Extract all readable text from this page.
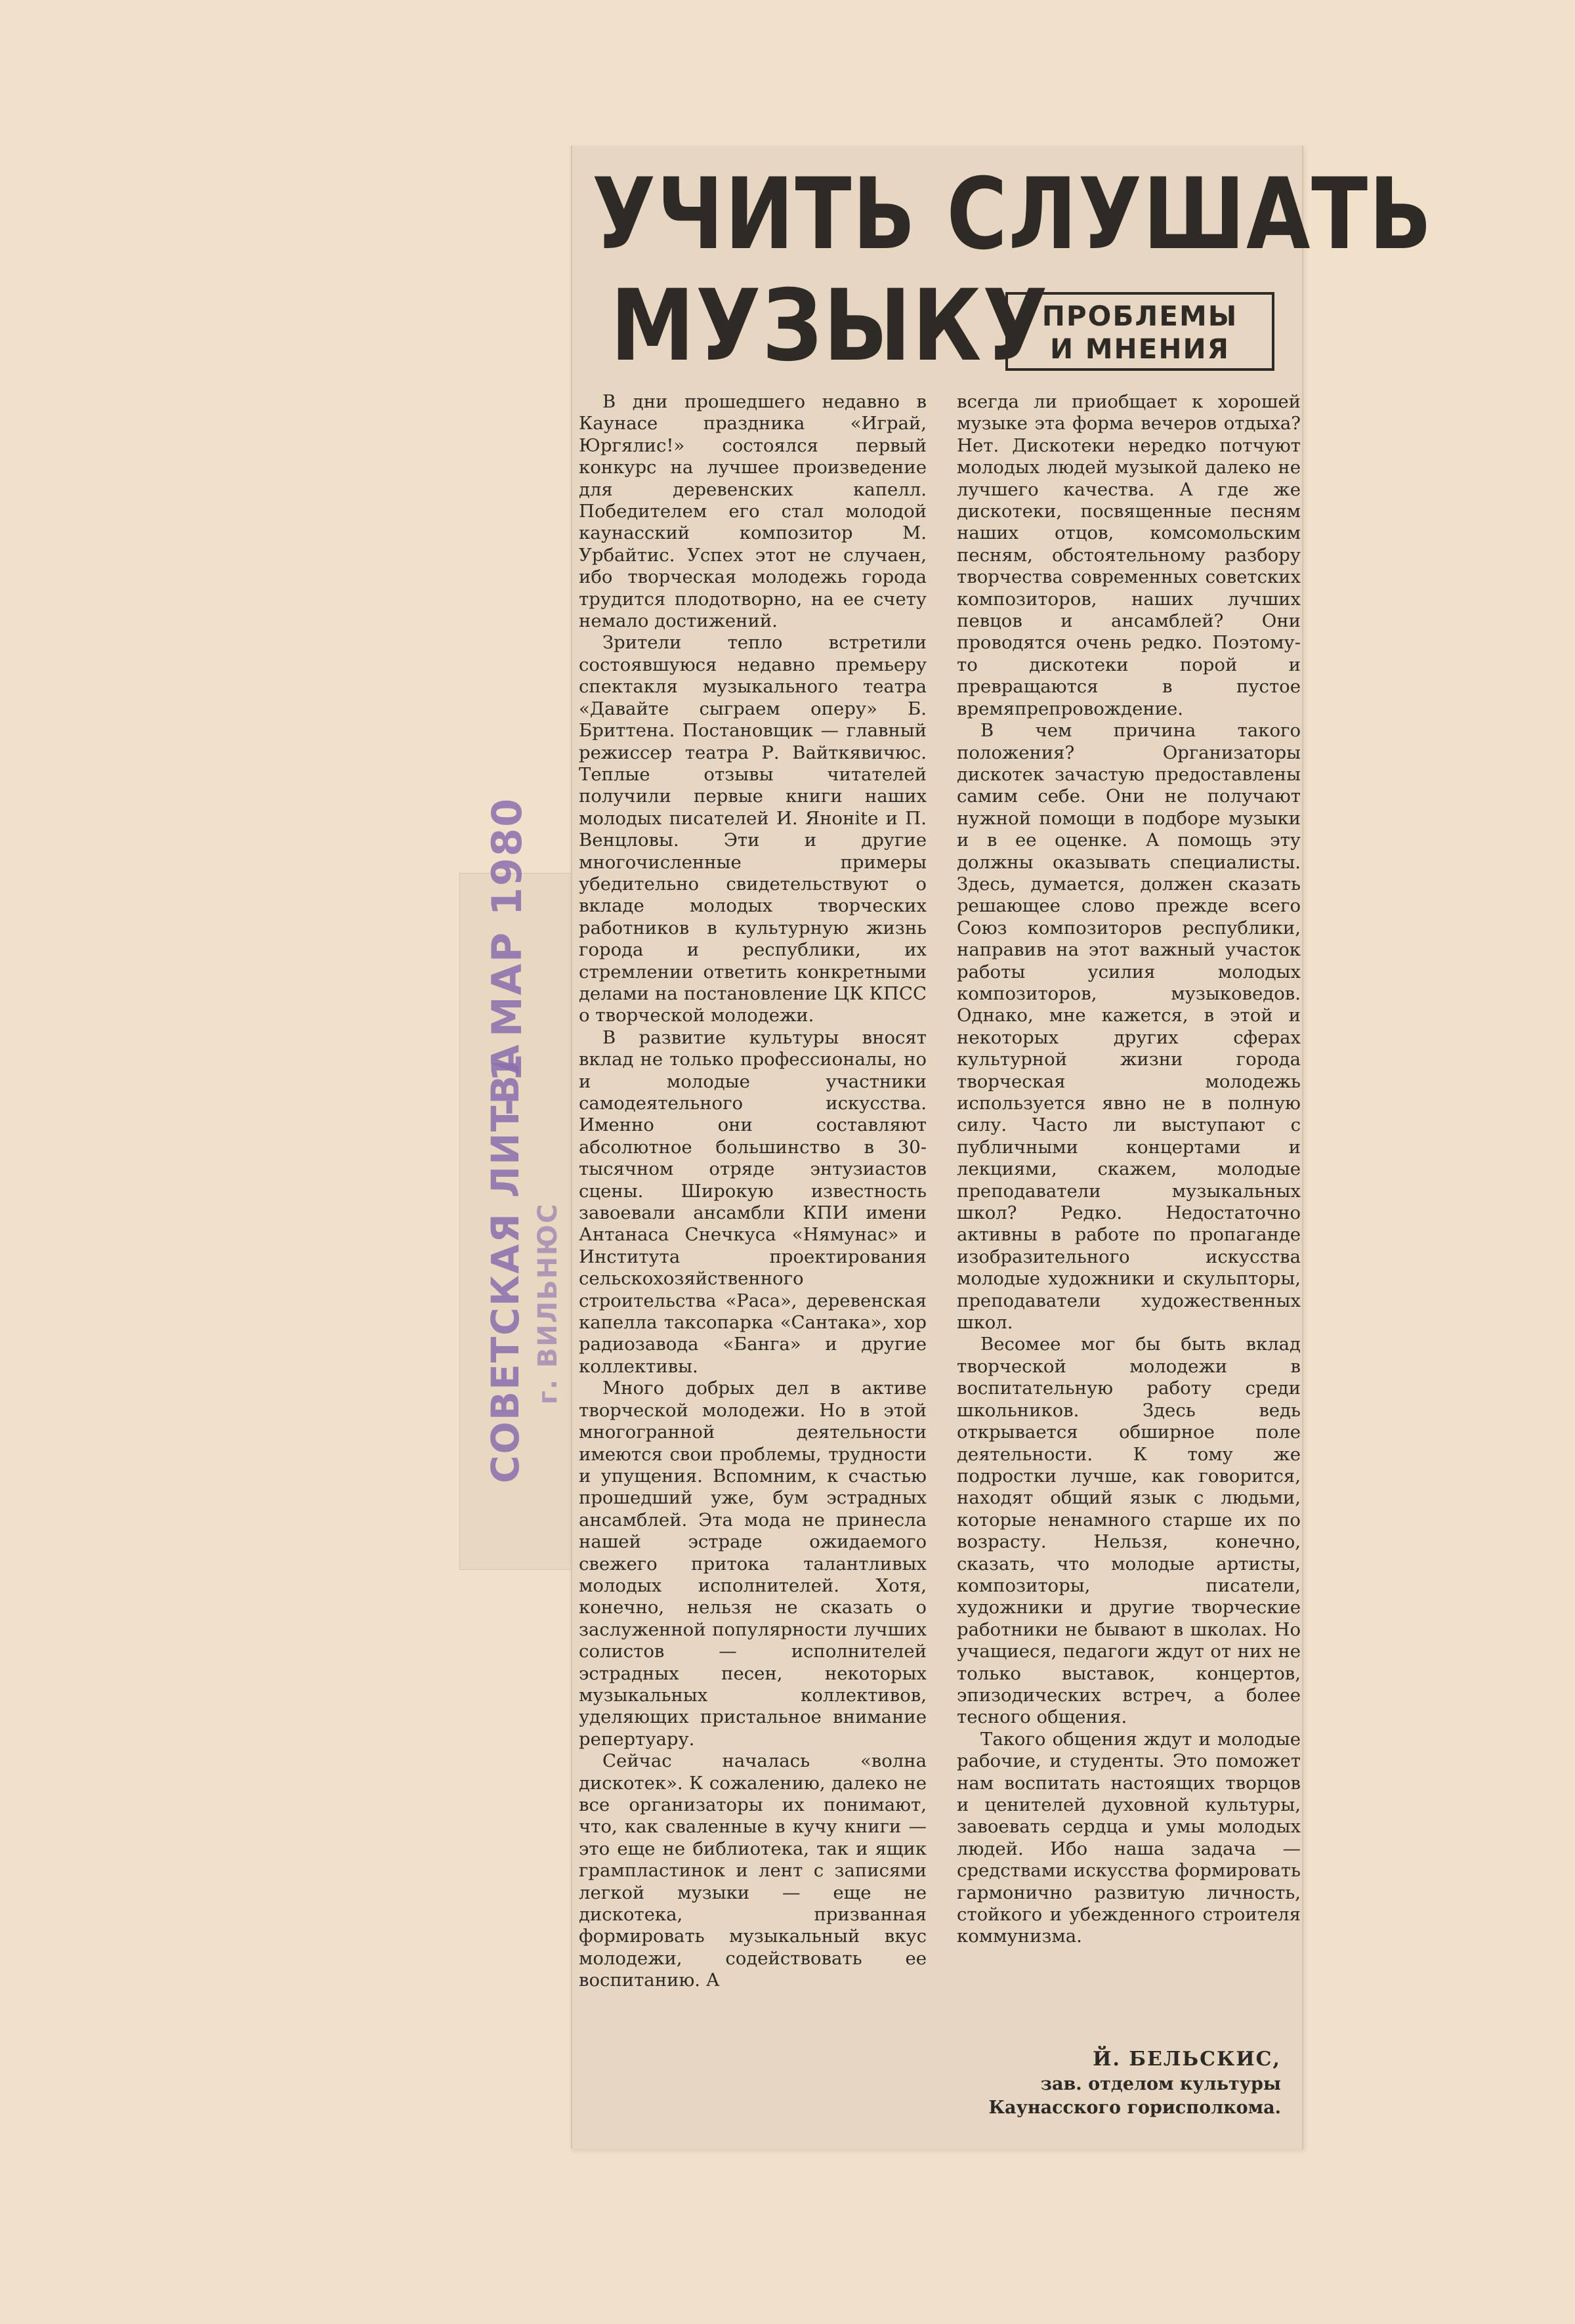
СОВЕТСКАЯ ЛИТВА г. ВИЛЬНЮС
- 1 МАР 1980
УЧИТЬ СЛУШАТЬ
МУЗЫКУ
ПРОБЛЕМЫ
И МНЕНИЯ

В дни прошедшего недавно в Каунасе праздника «Играй, Юргялис!» состоялся первый конкурс на лучшее произведение для деревенских капелл. Победителем его стал молодой каунасский композитор М. Урбайтис. Успех этот не случаен, ибо творческая молодежь города трудится плодотворно, на ее счету немало достижений.

Зрители тепло встретили состоявшуюся недавно премьеру спектакля музыкального театра «Давайте сыграем оперу» Б. Бриттена. Постановщик — главный режиссер театра Р. Вайткявичюс. Теплые отзывы читателей получили первые книги наших молодых писателей И. Янонite и П. Венцловы. Эти и другие многочисленные примеры убедительно свидетельствуют о вкладе молодых творческих работников в культурную жизнь города и республики, их стремлении ответить конкретными делами на постановление ЦК КПСС о творческой молодежи.

В развитие культуры вносят вклад не только профессионалы, но и молодые участники самодеятельного искусства. Именно они составляют абсолютное большинство в 30-тысячном отряде энтузиастов сцены. Широкую известность завоевали ансамбли КПИ имени Антанаса Снечкуса «Нямунас» и Института проектирования сельскохозяйственного строительства «Раса», деревенская капелла таксопарка «Сантака», хор радиозавода «Банга» и другие коллективы.

Много добрых дел в активе творческой молодежи. Но в этой многогранной деятельности имеются свои проблемы, трудности и упущения. Вспомним, к счастью прошедший уже, бум эстрадных ансамблей. Эта мода не принесла нашей эстраде ожидаемого свежего притока талантливых молодых исполнителей. Хотя, конечно, нельзя не сказать о заслуженной популярности лучших солистов — исполнителей эстрадных песен, некоторых музыкальных коллективов, уделяющих пристальное внимание репертуару.

Сейчас началась «волна дискотек». К сожалению, далеко не все организаторы их понимают, что, как сваленные в кучу книги — это еще не библиотека, так и ящик грампластинок и лент с записями легкой музыки — еще не дискотека, призванная формировать музыкальный вкус молодежи, содействовать ее воспитанию. А

всегда ли приобщает к хорошей музыке эта форма вечеров отдыха? Нет. Дискотеки нередко потчуют молодых людей музыкой далеко не лучшего качества. А где же дискотеки, посвященные песням наших отцов, комсомольским песням, обстоятельному разбору творчества современных советских композиторов, наших лучших певцов и ансамблей? Они проводятся очень редко. Поэтому-то дискотеки порой и превращаются в пустое времяпрепровождение.

В чем причина такого положения? Организаторы дискотек зачастую предоставлены самим себе. Они не получают нужной помощи в подборе музыки и в ее оценке. А помощь эту должны оказывать специалисты. Здесь, думается, должен сказать решающее слово прежде всего Союз композиторов республики, направив на этот важный участок работы усилия молодых композиторов, музыковедов. Однако, мне кажется, в этой и некоторых других сферах культурной жизни города творческая молодежь используется явно не в полную силу. Часто ли выступают с публичными концертами и лекциями, скажем, молодые преподаватели музыкальных школ? Редко. Недостаточно активны в работе по пропаганде изобразительного искусства молодые художники и скульпторы, преподаватели художественных школ.

Весомее мог бы быть вклад творческой молодежи в воспитательную работу среди школьников. Здесь ведь открывается обширное поле деятельности. К тому же подростки лучше, как говорится, находят общий язык с людьми, которые ненамного старше их по возрасту. Нельзя, конечно, сказать, что молодые артисты, композиторы, писатели, художники и другие творческие работники не бывают в школах. Но учащиеся, педагоги ждут от них не только выставок, концертов, эпизодических встреч, а более тесного общения.

Такого общения ждут и молодые рабочие, и студенты. Это поможет нам воспитать настоящих творцов и ценителей духовной культуры, завоевать сердца и умы молодых людей. Ибо наша задача — средствами искусства формировать гармонично развитую личность, стойкого и убежденного строителя коммунизма.

Й. БЕЛЬСКИС,
зав. отделом культуры
Каунасского горисполкома.
